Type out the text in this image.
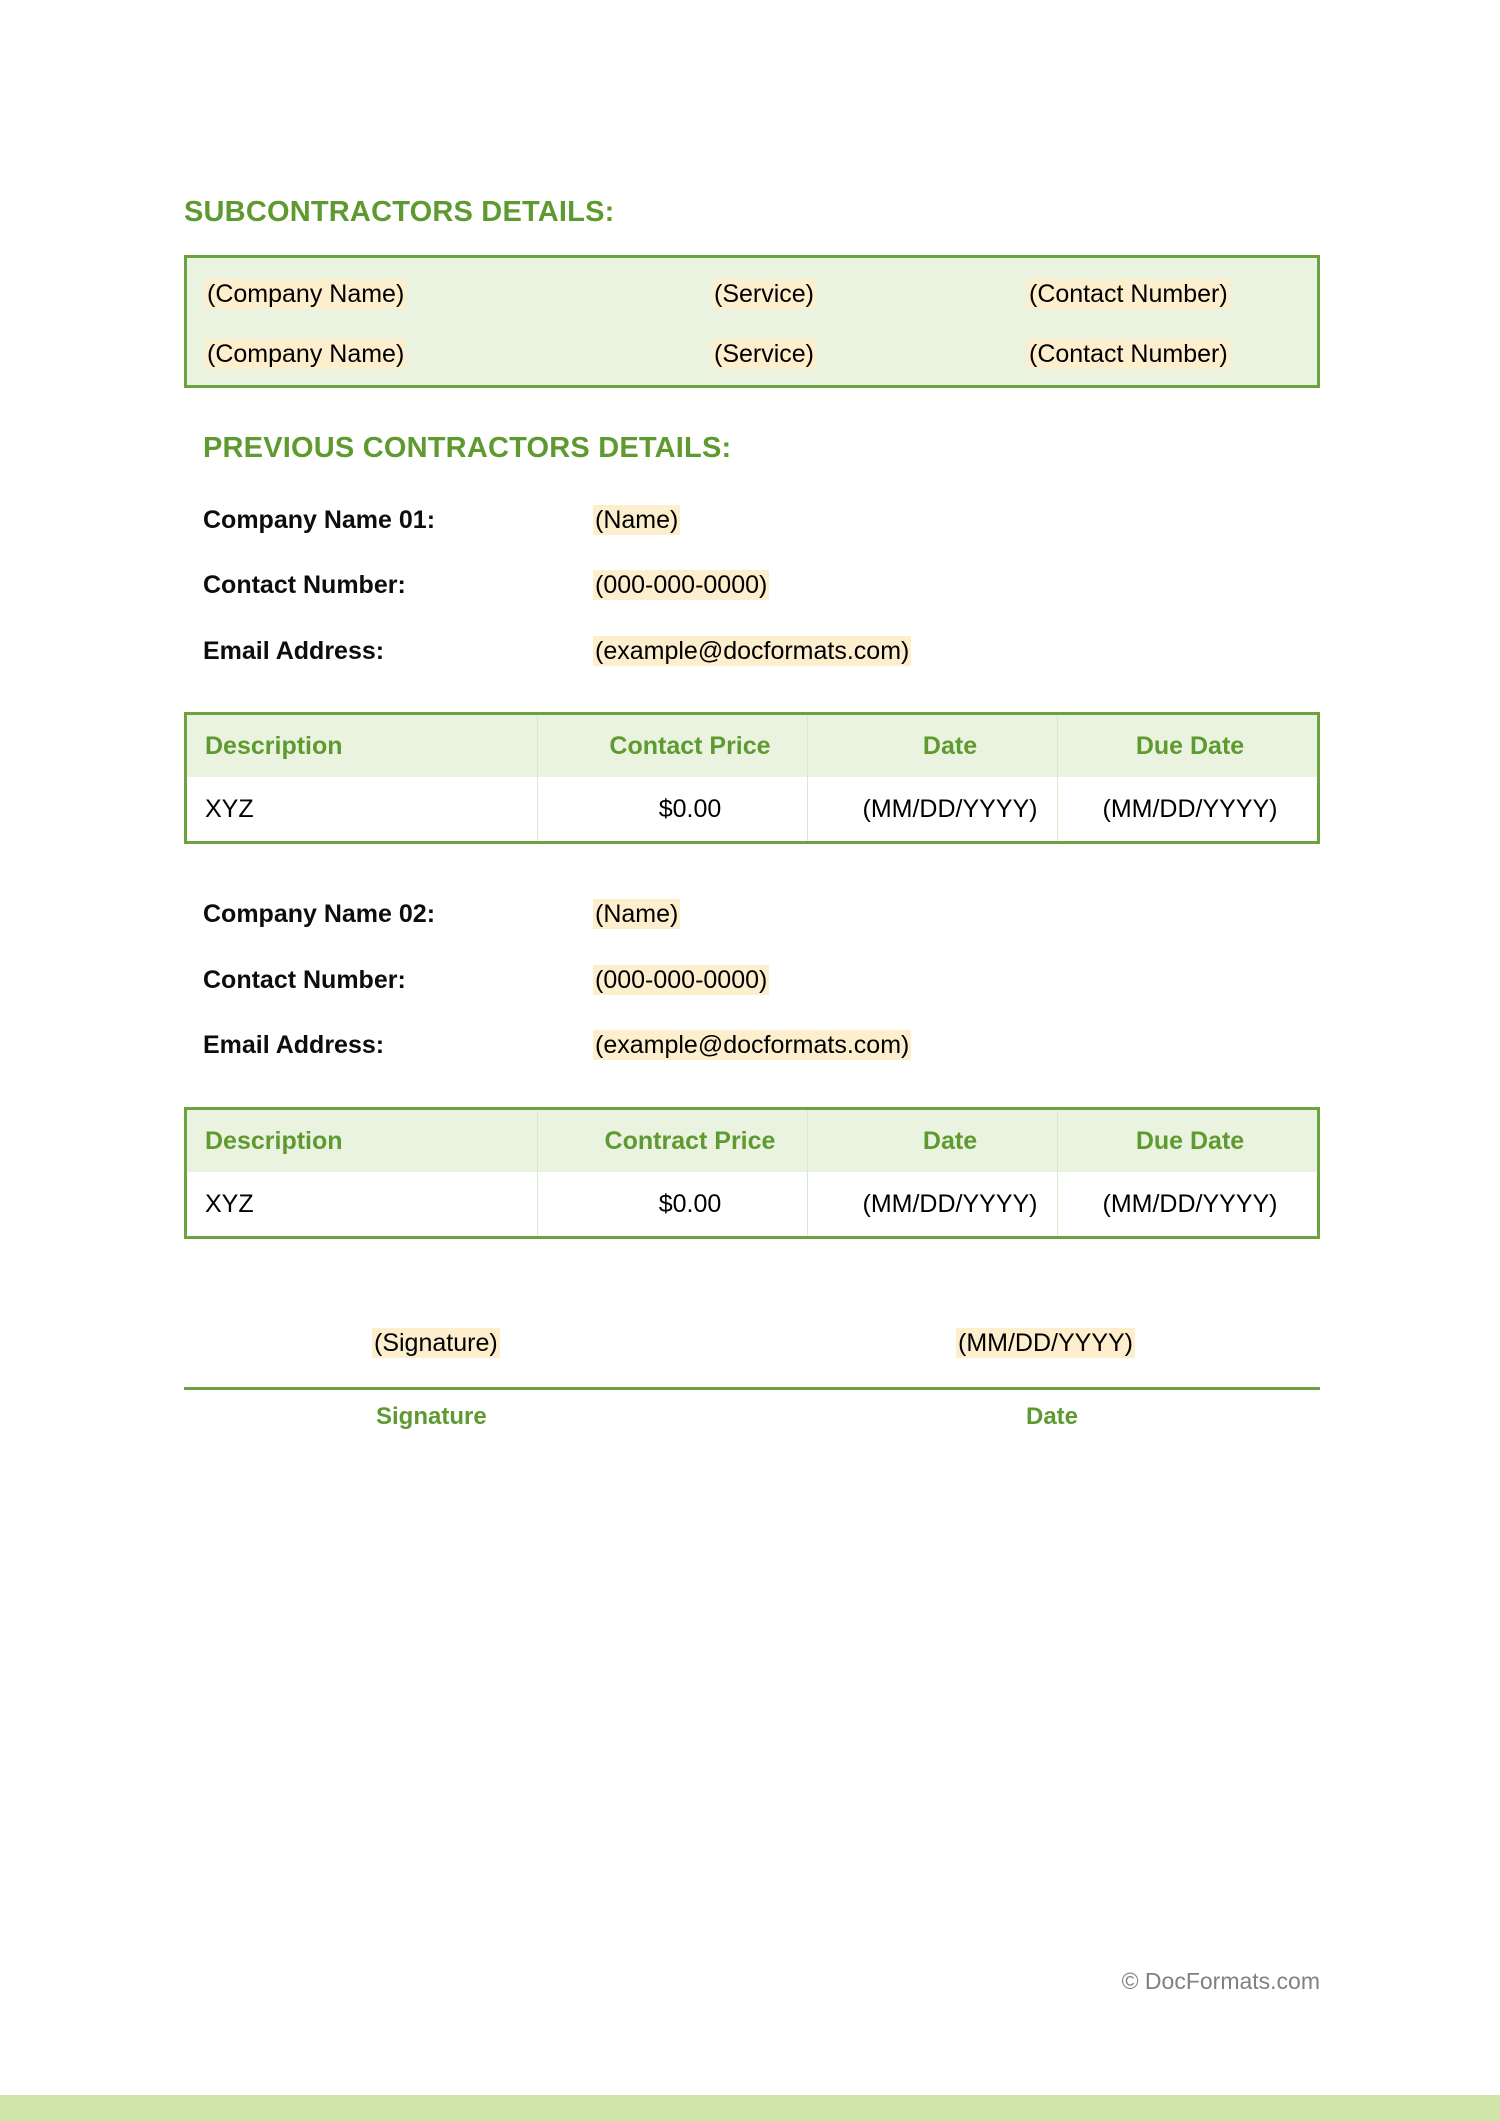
SUBCONTRACTORS DETAILS:
(Company Name)	(Service)	(Contact Number)
(Company Name)	(Service)	(Contact Number)
PREVIOUS CONTRACTORS DETAILS:
Company Name 01:	(Name)
Contact Number:	(000-000-0000)
Email Address:	(example@docformats.com)
Description	Contact Price	Date	Due Date
XYZ	$0.00	(MM/DD/YYYY)	(MM/DD/YYYY)
Company Name 02:	(Name)
Contact Number:	(000-000-0000)
Email Address:	(example@docformats.com)
Description	Contract Price	Date	Due Date
XYZ	$0.00	(MM/DD/YYYY)	(MM/DD/YYYY)
(Signature)	(MM/DD/YYYY)
Signature	Date
© DocFormats.com
